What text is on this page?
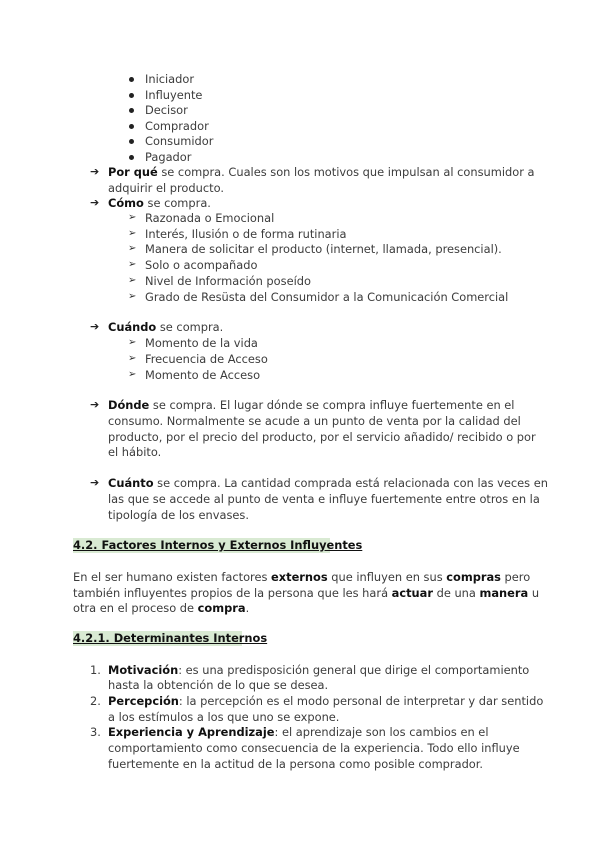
Iniciador
Influyente
Decisor
Comprador
Consumidor
Pagador
➔ Por qué se compra. Cuales son los motivos que impulsan al consumidor a
adquirir el producto.
➔ Cómo se compra.
➢ Razonada o Emocional
➢ Interés, Ilusión o de forma rutinaria
➢ Manera de solicitar el producto (internet, llamada, presencial).
➢ Solo o acompañado
➢ Nivel de Información poseído
➢ Grado de Resüsta del Consumidor a la Comunicación Comercial
➔ Cuándo se compra.
➢ Momento de la vida
➢ Frecuencia de Acceso
➢ Momento de Acceso
➔ Dónde se compra. El lugar dónde se compra influye fuertemente en el
consumo. Normalmente se acude a un punto de venta por la calidad del
producto, por el precio del producto, por el servicio añadido/ recibido o por
el hábito.
➔ Cuánto se compra. La cantidad comprada está relacionada con las veces en
las que se accede al punto de venta e influye fuertemente entre otros en la
tipología de los envases.
4.2. Factores Internos y Externos Influyentes
En el ser humano existen factores externos que influyen en sus compras pero
también influyentes propios de la persona que les hará actuar de una manera u
otra en el proceso de compra.
4.2.1. Determinantes Internos
1. Motivación: es una predisposición general que dirige el comportamiento
hasta la obtención de lo que se desea.
2. Percepción: la percepción es el modo personal de interpretar y dar sentido
a los estímulos a los que uno se expone.
3. Experiencia y Aprendizaje: el aprendizaje son los cambios en el
comportamiento como consecuencia de la experiencia. Todo ello influye
fuertemente en la actitud de la persona como posible comprador.
